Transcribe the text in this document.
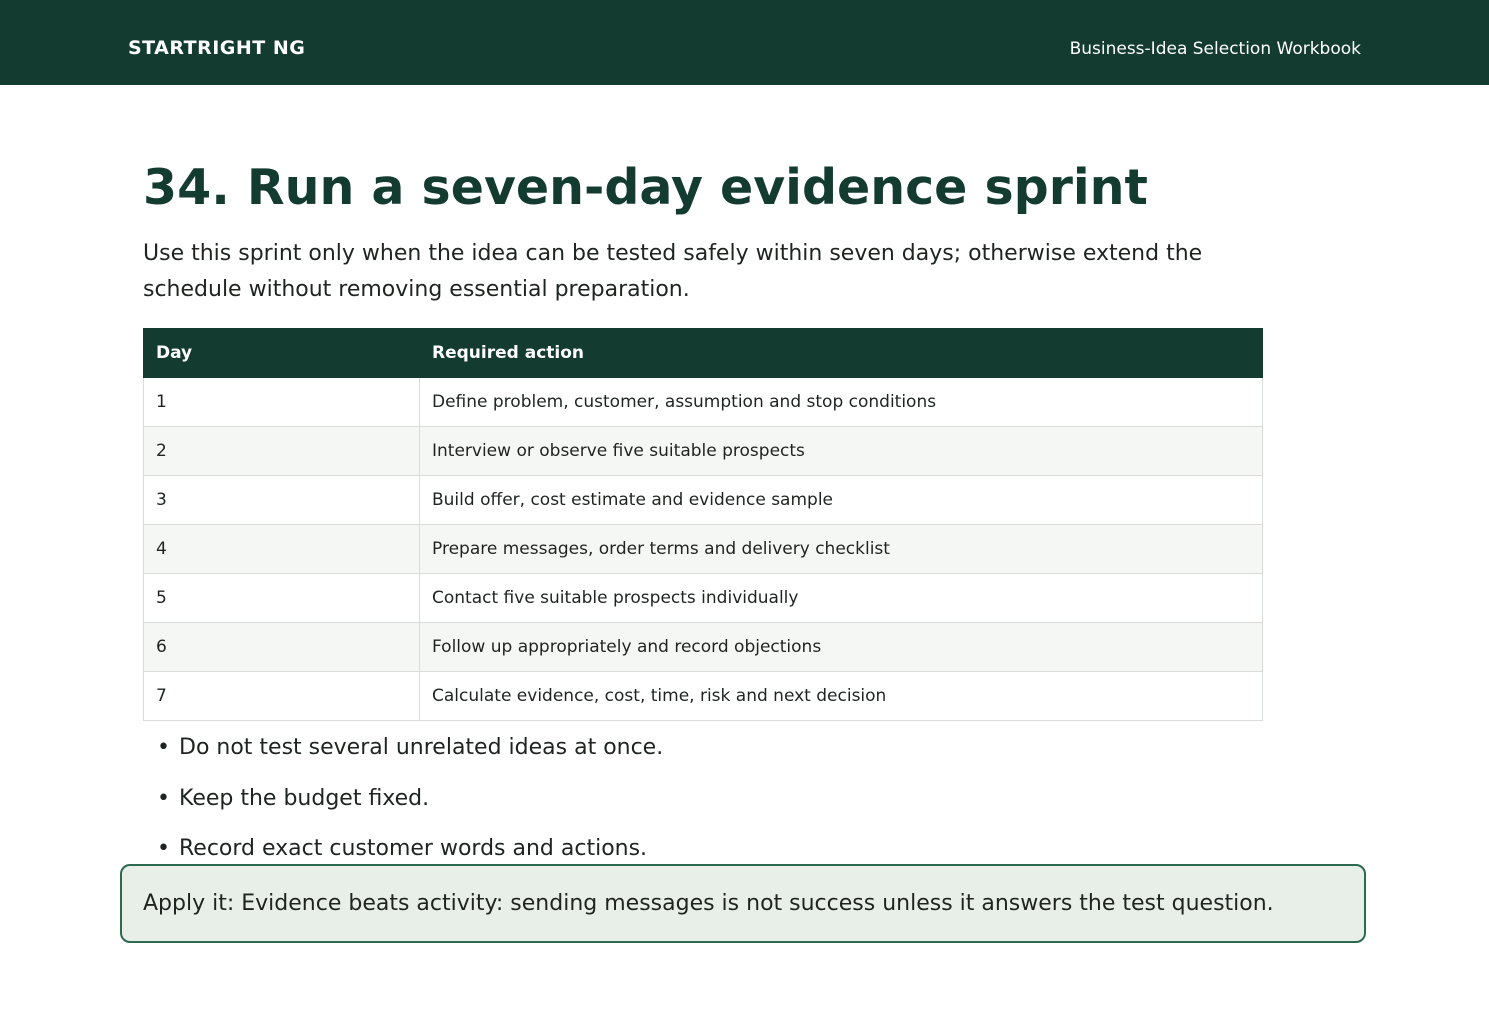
STARTRIGHT NG	Business-Idea Selection Workbook
34. Run a seven-day evidence sprint

Use this sprint only when the idea can be tested safely within seven days; otherwise extend the schedule without removing essential preparation.

Day	Required action
1	Define problem, customer, assumption and stop conditions
2	Interview or observe five suitable prospects
3	Build offer, cost estimate and evidence sample
4	Prepare messages, order terms and delivery checklist
5	Contact five suitable prospects individually
6	Follow up appropriately and record objections
7	Calculate evidence, cost, time, risk and next decision
• Do not test several unrelated ideas at once.
• Keep the budget fixed.
• Record exact customer words and actions.
Apply it: Evidence beats activity: sending messages is not success unless it answers the test question.
